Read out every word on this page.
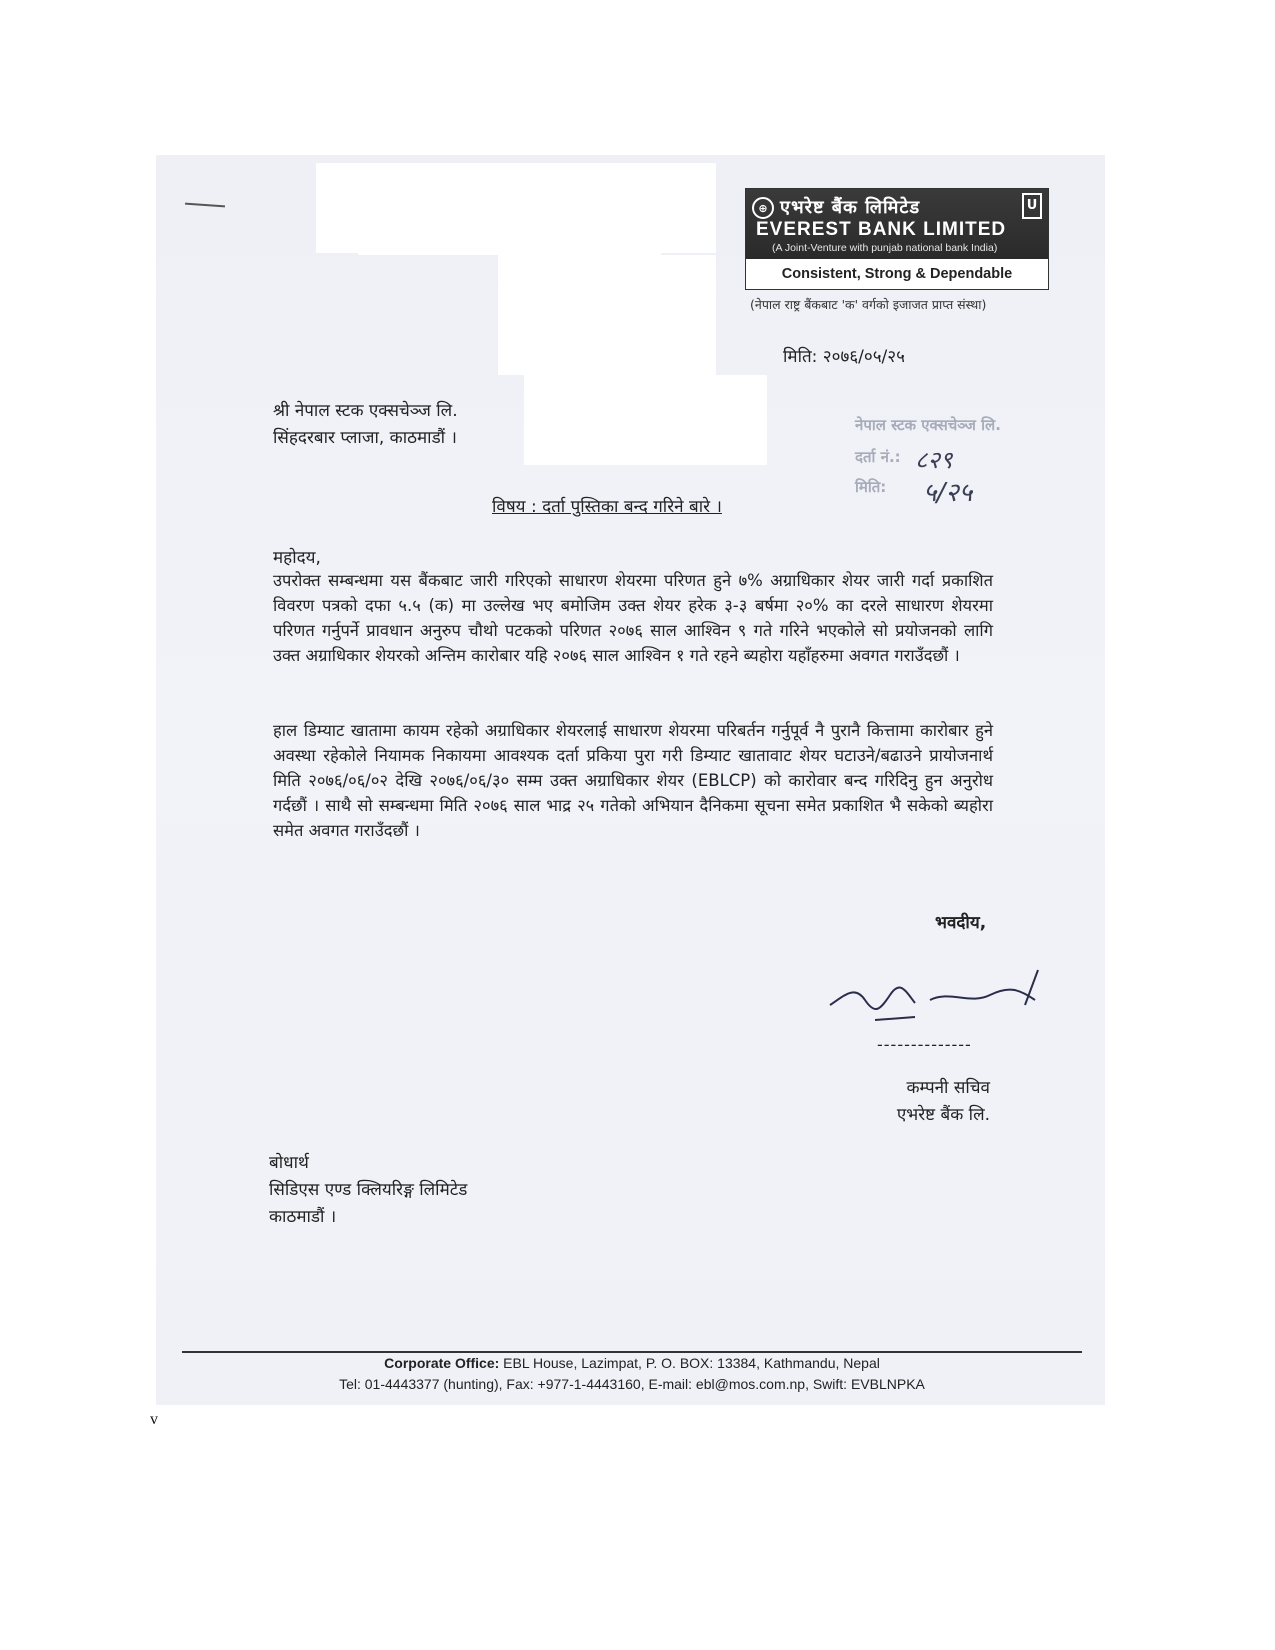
⊕ एभरेष्ट बैंक लिमिटेड	ᑌ
EVEREST BANK LIMITED
(A Joint-Venture with punjab national bank India)
Consistent, Strong & Dependable
(नेपाल राष्ट्र बैंकबाट 'क' वर्गको इजाजत प्राप्त संस्था)
मिति: २०७६/०५/२५
श्री नेपाल स्टक एक्सचेञ्ज लि.
सिंहदरबार प्लाजा, काठमाडौं ।
नेपाल स्टक एक्सचेञ्ज लि.
दर्ता नं.: ८२९
मिति: ५/२५
विषय : दर्ता पुस्तिका बन्द गरिने बारे ।
महोदय,
उपरोक्त सम्बन्धमा यस बैंकबाट जारी गरिएको साधारण शेयरमा परिणत हुने ७% अग्राधिकार शेयर जारी गर्दा प्रकाशित विवरण पत्रको दफा ५.५ (क) मा उल्लेख भए बमोजिम उक्त शेयर हरेक ३-३ बर्षमा २०% का दरले साधारण शेयरमा परिणत गर्नुपर्ने प्रावधान अनुरुप चौथो पटकको परिणत २०७६ साल आश्विन ९ गते गरिने भएकोले सो प्रयोजनको लागि उक्त अग्राधिकार शेयरको अन्तिम कारोबार यहि २०७६ साल आश्विन १ गते रहने ब्यहोरा यहाँहरुमा अवगत गराउँदछौं ।
हाल डिम्याट खातामा कायम रहेको अग्राधिकार शेयरलाई साधारण शेयरमा परिबर्तन गर्नुपूर्व नै पुरानै कित्तामा कारोबार हुने अवस्था रहेकोले नियामक निकायमा आवश्यक दर्ता प्रकिया पुरा गरी डिम्याट खातावाट शेयर घटाउने/बढाउने प्रायोजनार्थ मिति २०७६/०६/०२ देखि २०७६/०६/३० सम्म उक्त अग्राधिकार शेयर (EBLCP) को कारोवार बन्द गरिदिनु हुन अनुरोध गर्दछौं । साथै सो सम्बन्धमा मिति २०७६ साल भाद्र २५ गतेको अभियान दैनिकमा सूचना समेत प्रकाशित भै सकेको ब्यहोरा समेत अवगत गराउँदछौं ।
भवदीय,
--------------
कम्पनी सचिव
एभरेष्ट बैंक लि.
बोधार्थ
सिडिएस एण्ड क्लियरिङ्ग लिमिटेड
काठमाडौं ।
Corporate Office: EBL House, Lazimpat, P. O. BOX: 13384, Kathmandu, Nepal
Tel: 01-4443377 (hunting), Fax: +977-1-4443160, E-mail: ebl@mos.com.np, Swift: EVBLNPKA
v
